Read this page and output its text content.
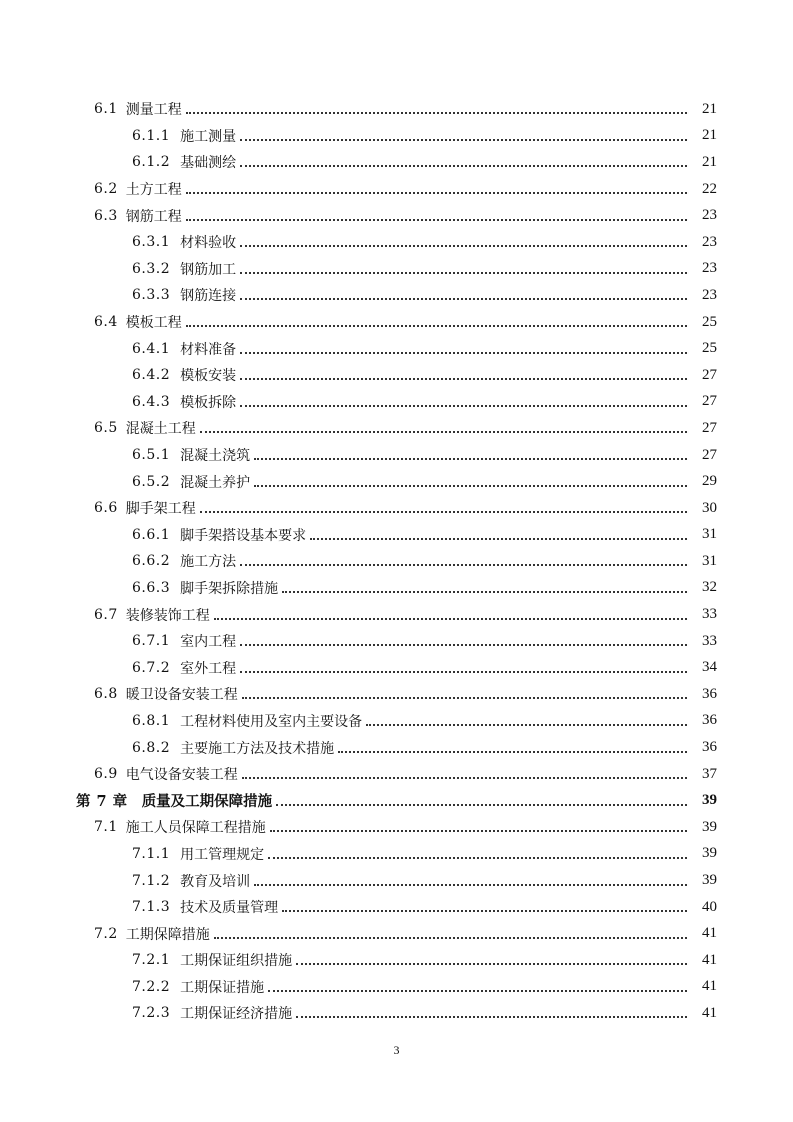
6.1 测量工程	21
6.1.1 施工测量	21
6.1.2 基础测绘	21
6.2 土方工程	22
6.3 钢筋工程	23
6.3.1 材料验收	23
6.3.2 钢筋加工	23
6.3.3 钢筋连接	23
6.4 模板工程	25
6.4.1 材料准备	25
6.4.2 模板安装	27
6.4.3 模板拆除	27
6.5 混凝土工程	27
6.5.1 混凝土浇筑	27
6.5.2 混凝土养护	29
6.6 脚手架工程	30
6.6.1 脚手架搭设基本要求	31
6.6.2 施工方法	31
6.6.3 脚手架拆除措施	32
6.7 装修装饰工程	33
6.7.1 室内工程	33
6.7.2 室外工程	34
6.8 暖卫设备安装工程	36
6.8.1 工程材料使用及室内主要设备	36
6.8.2 主要施工方法及技术措施	36
6.9 电气设备安装工程	37
第 7 章 质量及工期保障措施	39
7.1 施工人员保障工程措施	39
7.1.1 用工管理规定	39
7.1.2 教育及培训	39
7.1.3 技术及质量管理	40
7.2 工期保障措施	41
7.2.1 工期保证组织措施	41
7.2.2 工期保证措施	41
7.2.3 工期保证经济措施	41
3
